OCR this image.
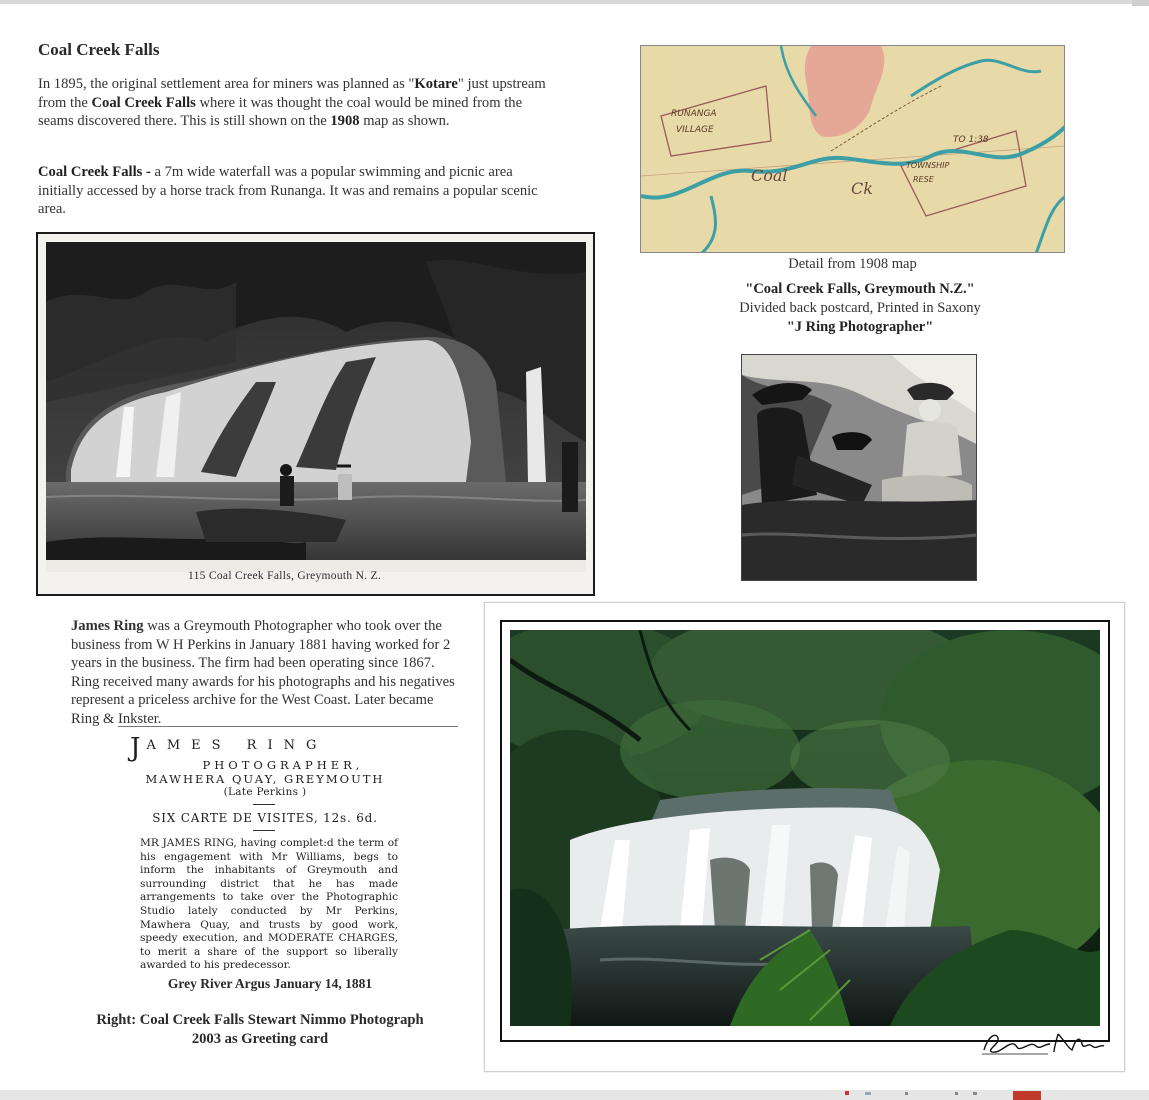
Coal Creek Falls

In 1895, the original settlement area for miners was planned as "Kotare" just upstream from the Coal Creek Falls where it was thought the coal would be mined from the seams discovered there. This is still shown on the 1908 map as shown.

Coal Creek Falls - a 7m wide waterfall was a popular swimming and picnic area initially accessed by a horse track from Runanga. It was and remains a popular scenic area.

115 Coal Creek Falls, Greymouth N. Z.
RUNANGA
VILLAGE
Coal
Ck
TOWNSHIP
RESE
TO 1:38
Detail from 1908 map
"Coal Creek Falls, Greymouth N.Z."
Divided back postcard, Printed in Saxony
"J Ring Photographer"

James Ring was a Greymouth Photographer who took over the business from W H Perkins in January 1881 having worked for 2 years in the business. The firm had been operating since 1867. Ring received many awards for his photographs and his negatives represent a priceless archive for the West Coast. Later became Ring & Inkster.

JAMES RING
PHOTOGRAPHER,
MAWHERA QUAY, GREYMOUTH
(Late Perkins )
SIX CARTE DE VISITES, 12s. 6d.
MR JAMES RING, having complet:d the term of his engagement with Mr Williams, begs to inform the inhabitants of Greymouth and surrounding district that he has made arrangements to take over the Photographic Studio lately conducted by Mr Perkins, Mawhera Quay, and trusts by good work, speedy execution, and MODERATE CHARGES, to merit a share of the support so liberally awarded to his predecessor.
Grey River Argus January 14, 1881
Right: Coal Creek Falls Stewart Nimmo Photograph
2003 as Greeting card
